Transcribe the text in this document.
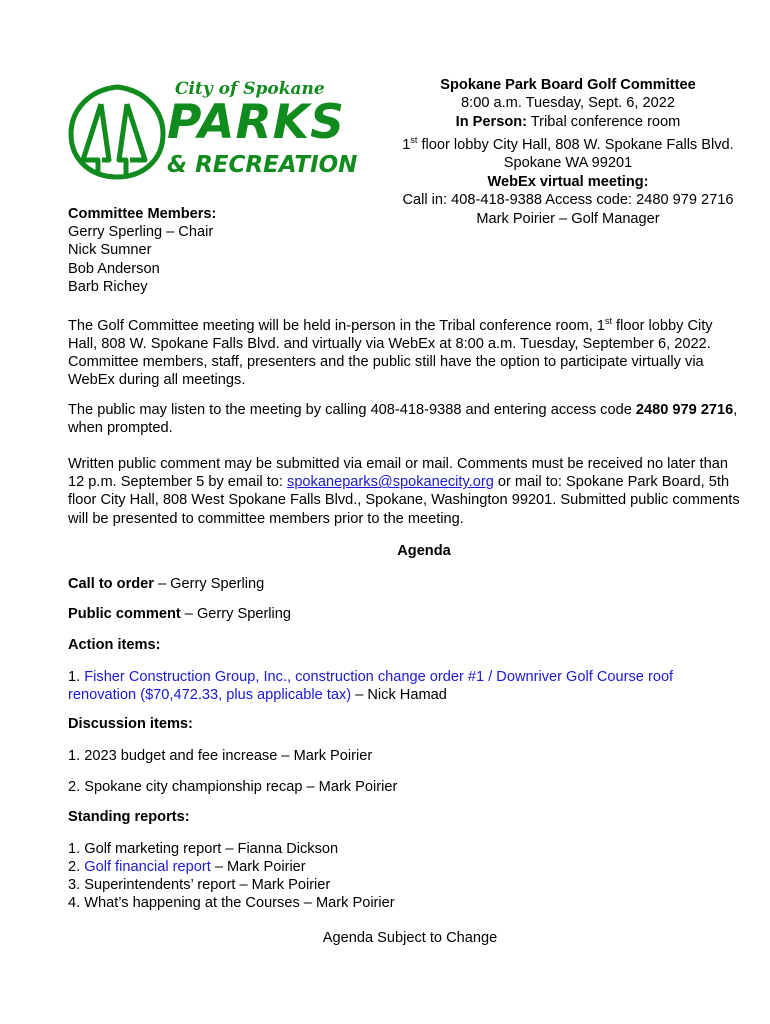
City of Spokane
PARKS
& RECREATION
Spokane Park Board Golf Committee
8:00 a.m. Tuesday, Sept. 6, 2022
In Person: Tribal conference room
1st floor lobby City Hall, 808 W. Spokane Falls Blvd.
Spokane WA 99201
WebEx virtual meeting:
Call in: 408-418-9388 Access code: 2480 979 2716
Mark Poirier – Golf Manager
Committee Members:
Gerry Sperling – Chair
Nick Sumner
Bob Anderson
Barb Richey
The Golf Committee meeting will be held in-person in the Tribal conference room, 1st floor lobby City Hall, 808 W. Spokane Falls Blvd. and virtually via WebEx at 8:00 a.m. Tuesday, September 6, 2022. Committee members, staff, presenters and the public still have the option to participate virtually via WebEx during all meetings.
The public may listen to the meeting by calling 408-418-9388 and entering access code 2480 979 2716, when prompted.
Written public comment may be submitted via email or mail. Comments must be received no later than 12 p.m. September 5 by email to: spokaneparks@spokanecity.org or mail to: Spokane Park Board, 5th floor City Hall, 808 West Spokane Falls Blvd., Spokane, Washington 99201. Submitted public comments will be presented to committee members prior to the meeting.
Agenda
Call to order – Gerry Sperling
Public comment – Gerry Sperling
Action items:
1. Fisher Construction Group, Inc., construction change order #1 / Downriver Golf Course roof
renovation ($70,472.33, plus applicable tax) – Nick Hamad
Discussion items:
1. 2023 budget and fee increase – Mark Poirier
2. Spokane city championship recap – Mark Poirier
Standing reports:
1. Golf marketing report – Fianna Dickson
2. Golf financial report – Mark Poirier
3. Superintendents’ report – Mark Poirier
4. What’s happening at the Courses – Mark Poirier
Agenda Subject to Change
